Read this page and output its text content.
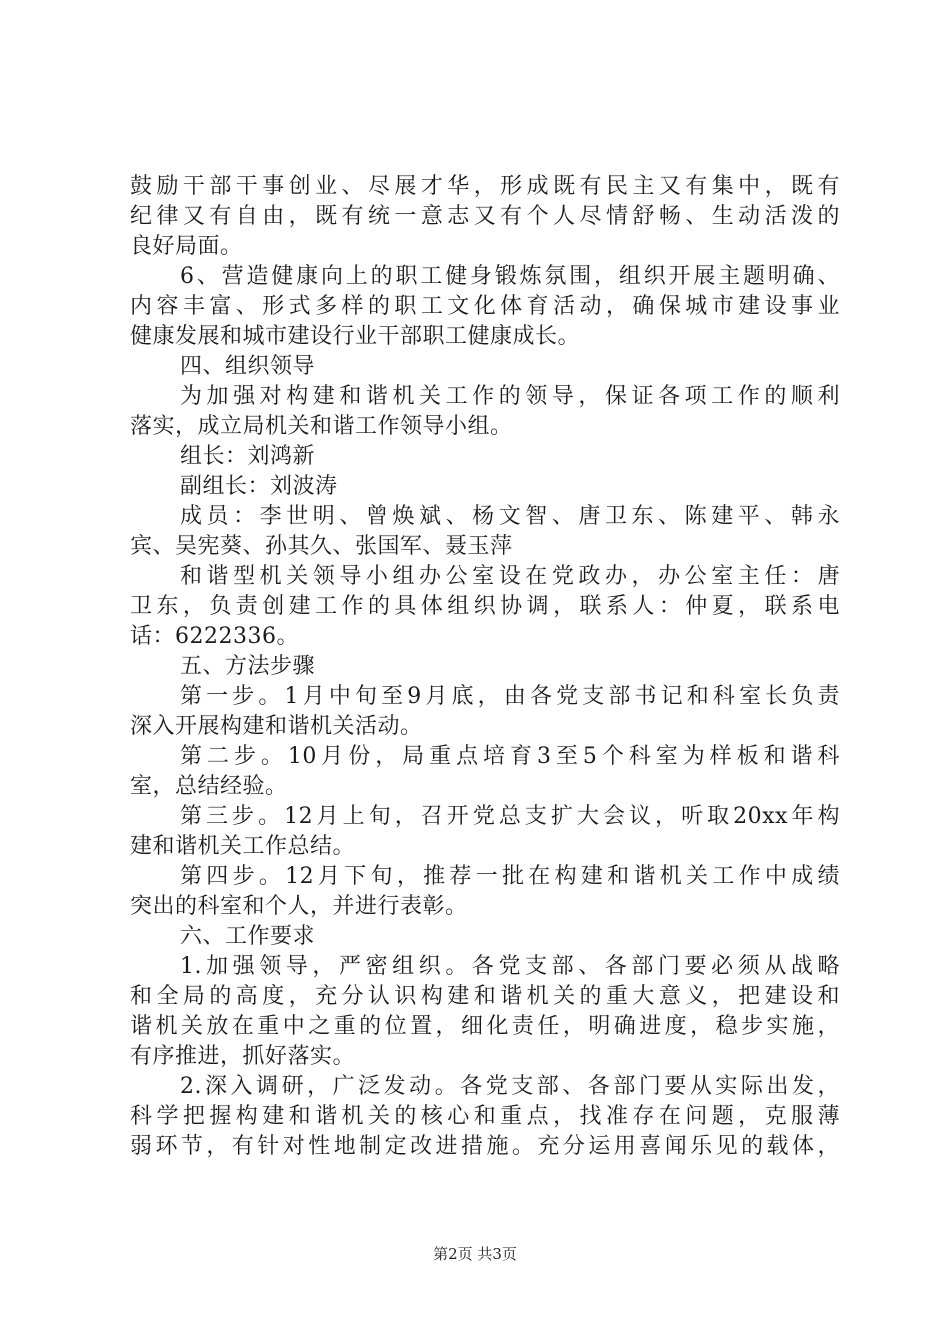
鼓励干部干事创业、尽展才华，形成既有民主又有集中，既有
纪律又有自由，既有统一意志又有个人尽情舒畅、生动活泼的
良好局面。
6、营造健康向上的职工健身锻炼氛围，组织开展主题明确、
内容丰富、形式多样的职工文化体育活动，确保城市建设事业
健康发展和城市建设行业干部职工健康成长。
四、组织领导
为加强对构建和谐机关工作的领导，保证各项工作的顺利
落实，成立局机关和谐工作领导小组。
组长：刘鸿新
副组长：刘波涛
成员：李世明、曾焕斌、杨文智、唐卫东、陈建平、韩永
宾、吴宪葵、孙其久、张国军、聂玉萍
和谐型机关领导小组办公室设在党政办，办公室主任：唐
卫东，负责创建工作的具体组织协调，联系人：仲夏，联系电
话：6222336。
五、方法步骤
第一步。1月中旬至9月底，由各党支部书记和科室长负责
深入开展构建和谐机关活动。
第二步。10月份，局重点培育3至5个科室为样板和谐科
室，总结经验。
第三步。12月上旬，召开党总支扩大会议，听取20xx年构
建和谐机关工作总结。
第四步。12月下旬，推荐一批在构建和谐机关工作中成绩
突出的科室和个人，并进行表彰。
六、工作要求
1.加强领导，严密组织。各党支部、各部门要必须从战略
和全局的高度，充分认识构建和谐机关的重大意义，把建设和
谐机关放在重中之重的位置，细化责任，明确进度，稳步实施，
有序推进，抓好落实。
2.深入调研，广泛发动。各党支部、各部门要从实际出发，
科学把握构建和谐机关的核心和重点，找准存在问题，克服薄
弱环节，有针对性地制定改进措施。充分运用喜闻乐见的载体，
第2页 共3页
